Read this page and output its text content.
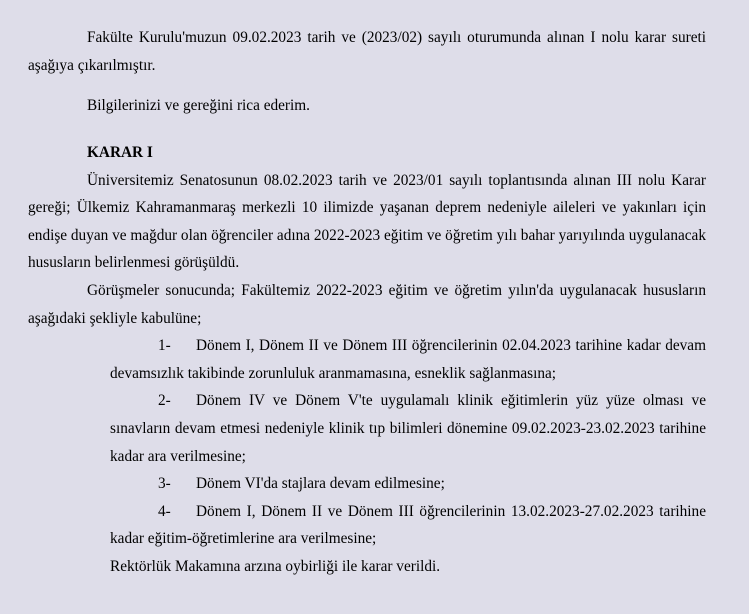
Fakülte Kurulu'muzun 09.02.2023 tarih ve (2023/02) sayılı oturumunda alınan I nolu karar sureti aşağıya çıkarılmıştır.

Bilgilerinizi ve gereğini rica ederim.

KARAR I

Üniversitemiz Senatosunun 08.02.2023 tarih ve 2023/01 sayılı toplantısında alınan III nolu Karar gereği; Ülkemiz Kahramanmaraş merkezli 10 ilimizde yaşanan deprem nedeniyle aileleri ve yakınları için endişe duyan ve mağdur olan öğrenciler adına 2022-2023 eğitim ve öğretim yılı bahar yarıyılında uygulanacak hususların belirlenmesi görüşüldü.

Görüşmeler sonucunda; Fakültemiz 2022-2023 eğitim ve öğretim yılın'da uygulanacak hususların aşağıdaki şekliyle kabulüne;

1- Dönem I, Dönem II ve Dönem III öğrencilerinin 02.04.2023 tarihine kadar devam devamsızlık takibinde zorunluluk aranmamasına, esneklik sağlanmasına;

2- Dönem IV ve Dönem V'te uygulamalı klinik eğitimlerin yüz yüze olması ve sınavların devam etmesi nedeniyle klinik tıp bilimleri dönemine 09.02.2023-23.02.2023 tarihine kadar ara verilmesine;

3- Dönem VI'da stajlara devam edilmesine;

4- Dönem I, Dönem II ve Dönem III öğrencilerinin 13.02.2023-27.02.2023 tarihine kadar eğitim-öğretimlerine ara verilmesine;

Rektörlük Makamına arzına oybirliği ile karar verildi.
